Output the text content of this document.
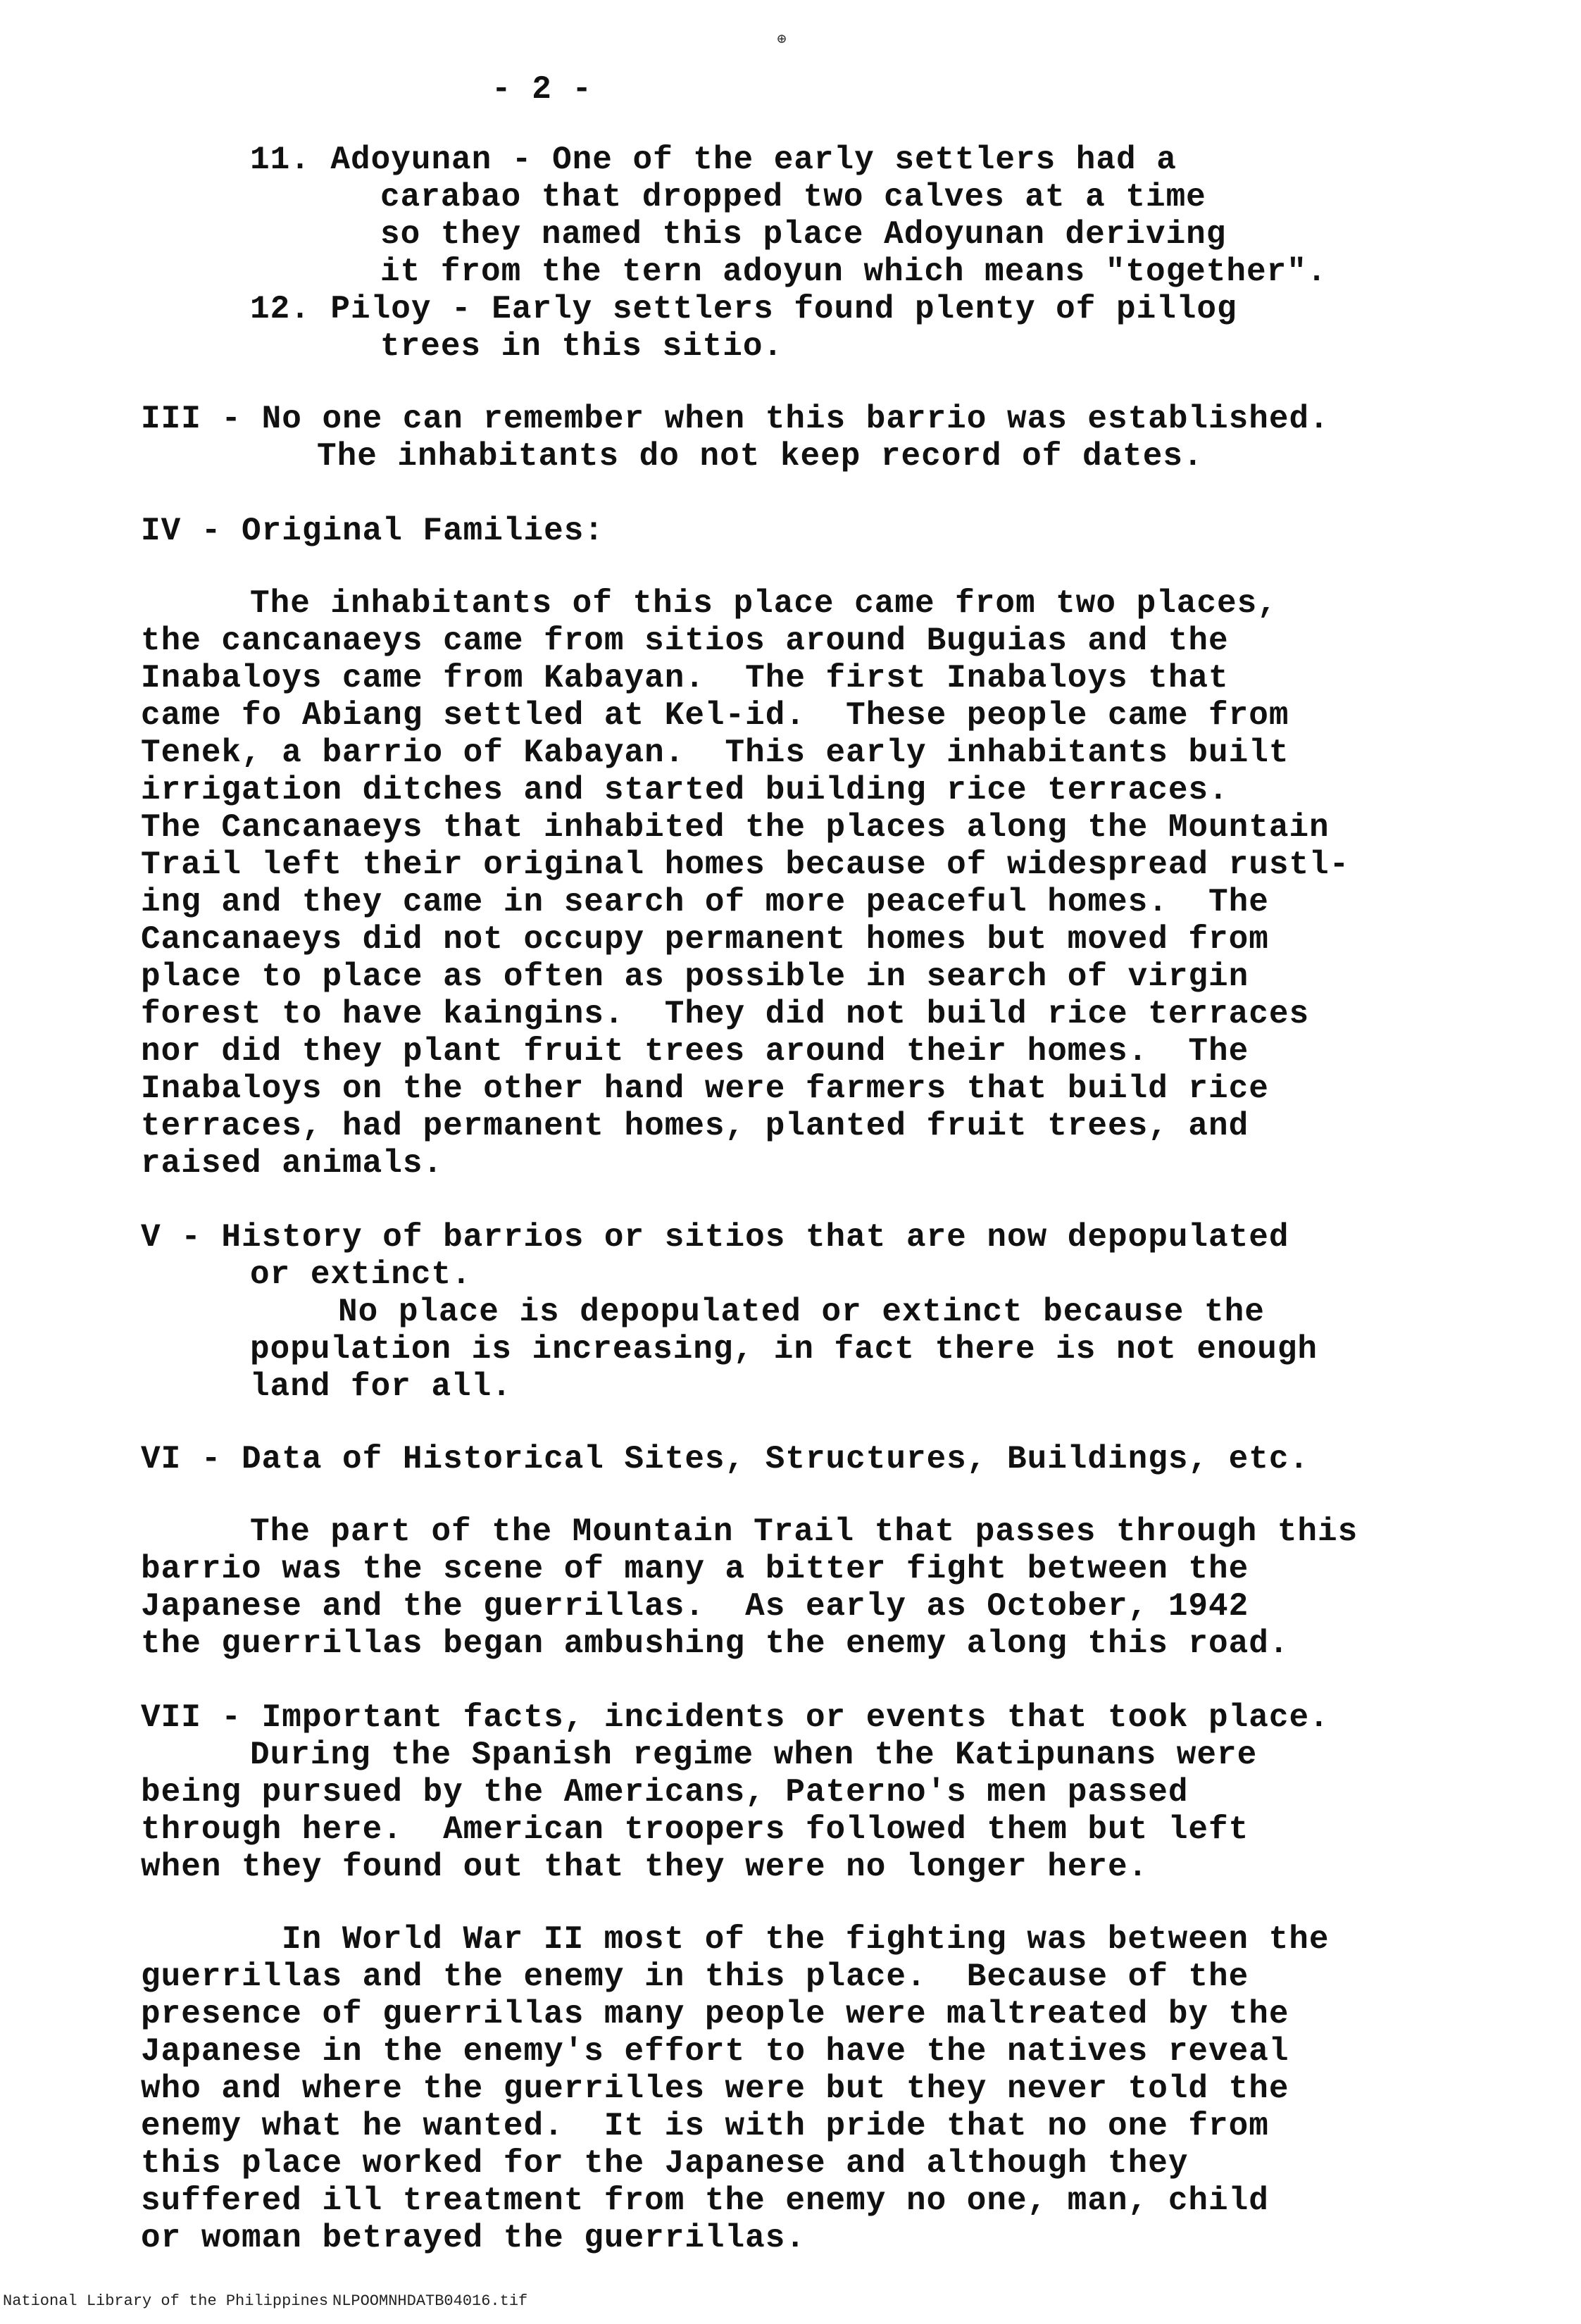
⊕
- 2 -
11. Adoyunan - One of the early settlers had a
carabao that dropped two calves at a time
so they named this place Adoyunan deriving
it from the tern adoyun which means "together".
12. Piloy - Early settlers found plenty of pillog
trees in this sitio.
III - No one can remember when this barrio was established.
The inhabitants do not keep record of dates.
IV - Original Families:
The inhabitants of this place came from two places,
the cancanaeys came from sitios around Buguias and the
Inabaloys came from Kabayan.  The first Inabaloys that
came fo Abiang settled at Kel-id.  These people came from
Tenek, a barrio of Kabayan.  This early inhabitants built
irrigation ditches and started building rice terraces.
The Cancanaeys that inhabited the places along the Mountain
Trail left their original homes because of widespread rustl-
ing and they came in search of more peaceful homes.  The
Cancanaeys did not occupy permanent homes but moved from
place to place as often as possible in search of virgin
forest to have kaingins.  They did not build rice terraces
nor did they plant fruit trees around their homes.  The
Inabaloys on the other hand were farmers that build rice
terraces, had permanent homes, planted fruit trees, and
raised animals.
V - History of barrios or sitios that are now depopulated
or extinct.
No place is depopulated or extinct because the
population is increasing, in fact there is not enough
land for all.
VI - Data of Historical Sites, Structures, Buildings, etc.
The part of the Mountain Trail that passes through this
barrio was the scene of many a bitter fight between the
Japanese and the guerrillas.  As early as October, 1942
the guerrillas began ambushing the enemy along this road.
VII - Important facts, incidents or events that took place.
During the Spanish regime when the Katipunans were
being pursued by the Americans, Paterno's men passed
through here.  American troopers followed them but left
when they found out that they were no longer here.
In World War II most of the fighting was between the
guerrillas and the enemy in this place.  Because of the
presence of guerrillas many people were maltreated by the
Japanese in the enemy's effort to have the natives reveal
who and where the guerrilles were but they never told the
enemy what he wanted.  It is with pride that no one from
this place worked for the Japanese and although they
suffered ill treatment from the enemy no one, man, child
or woman betrayed the guerrillas.
National Library of the Philippines NLPOOMNHDATB04016.tif
